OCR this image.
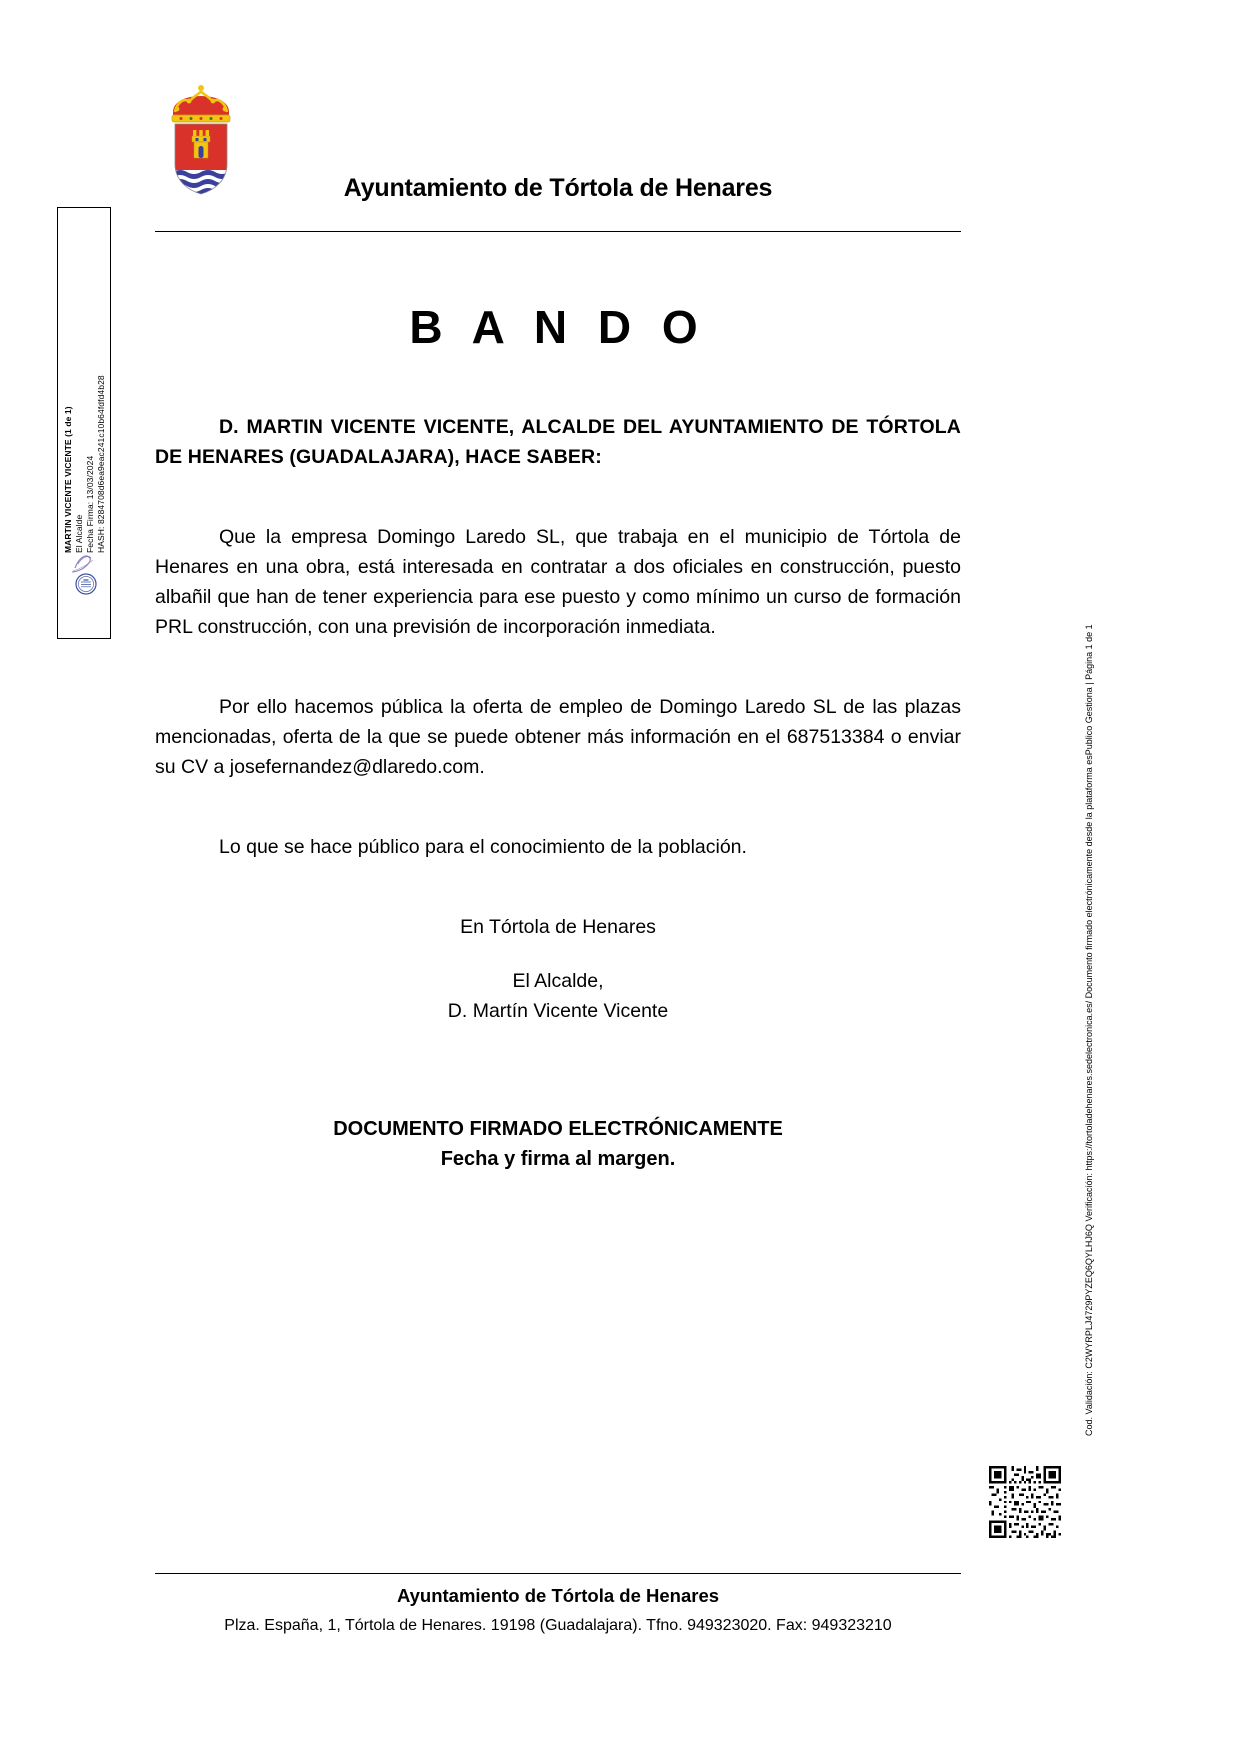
MARTIN VICENTE VICENTE (1 de 1) El Alcalde Fecha Firma: 13/03/2024 HASH: 8284708d6ea9eac241c10b64fdfd4b28
Ayuntamiento de Tórtola de Henares
B A N D O

D. MARTIN VICENTE VICENTE, ALCALDE DEL AYUNTAMIENTO DE TÓRTOLA DE HENARES (GUADALAJARA), HACE SABER:

Que la empresa Domingo Laredo SL, que trabaja en el municipio de Tórtola de Henares en una obra, está interesada en contratar a dos oficiales en construcción, puesto albañil que han de tener experiencia para ese puesto y como mínimo un curso de formación PRL construcción, con una previsión de incorporación inmediata.

Por ello hacemos pública la oferta de empleo de Domingo Laredo SL de las plazas mencionadas, oferta de la que se puede obtener más información en el 687513384 o enviar su CV a josefernandez@dlaredo.com.

Lo que se hace público para el conocimiento de la población.

En Tórtola de Henares
El Alcalde,
D. Martín Vicente Vicente
DOCUMENTO FIRMADO ELECTRÓNICAMENTE
Fecha y firma al margen.
Cod. Validación: C2WYRPLJ4729PYZEQ6QYLHJ6Q Verificación: https://tortoladehenares.sedelectronica.es/ Documento firmado electrónicamente desde la plataforma esPublico Gestiona | Página 1 de 1
Ayuntamiento de Tórtola de Henares
Plza. España, 1, Tórtola de Henares. 19198 (Guadalajara). Tfno. 949323020. Fax: 949323210
